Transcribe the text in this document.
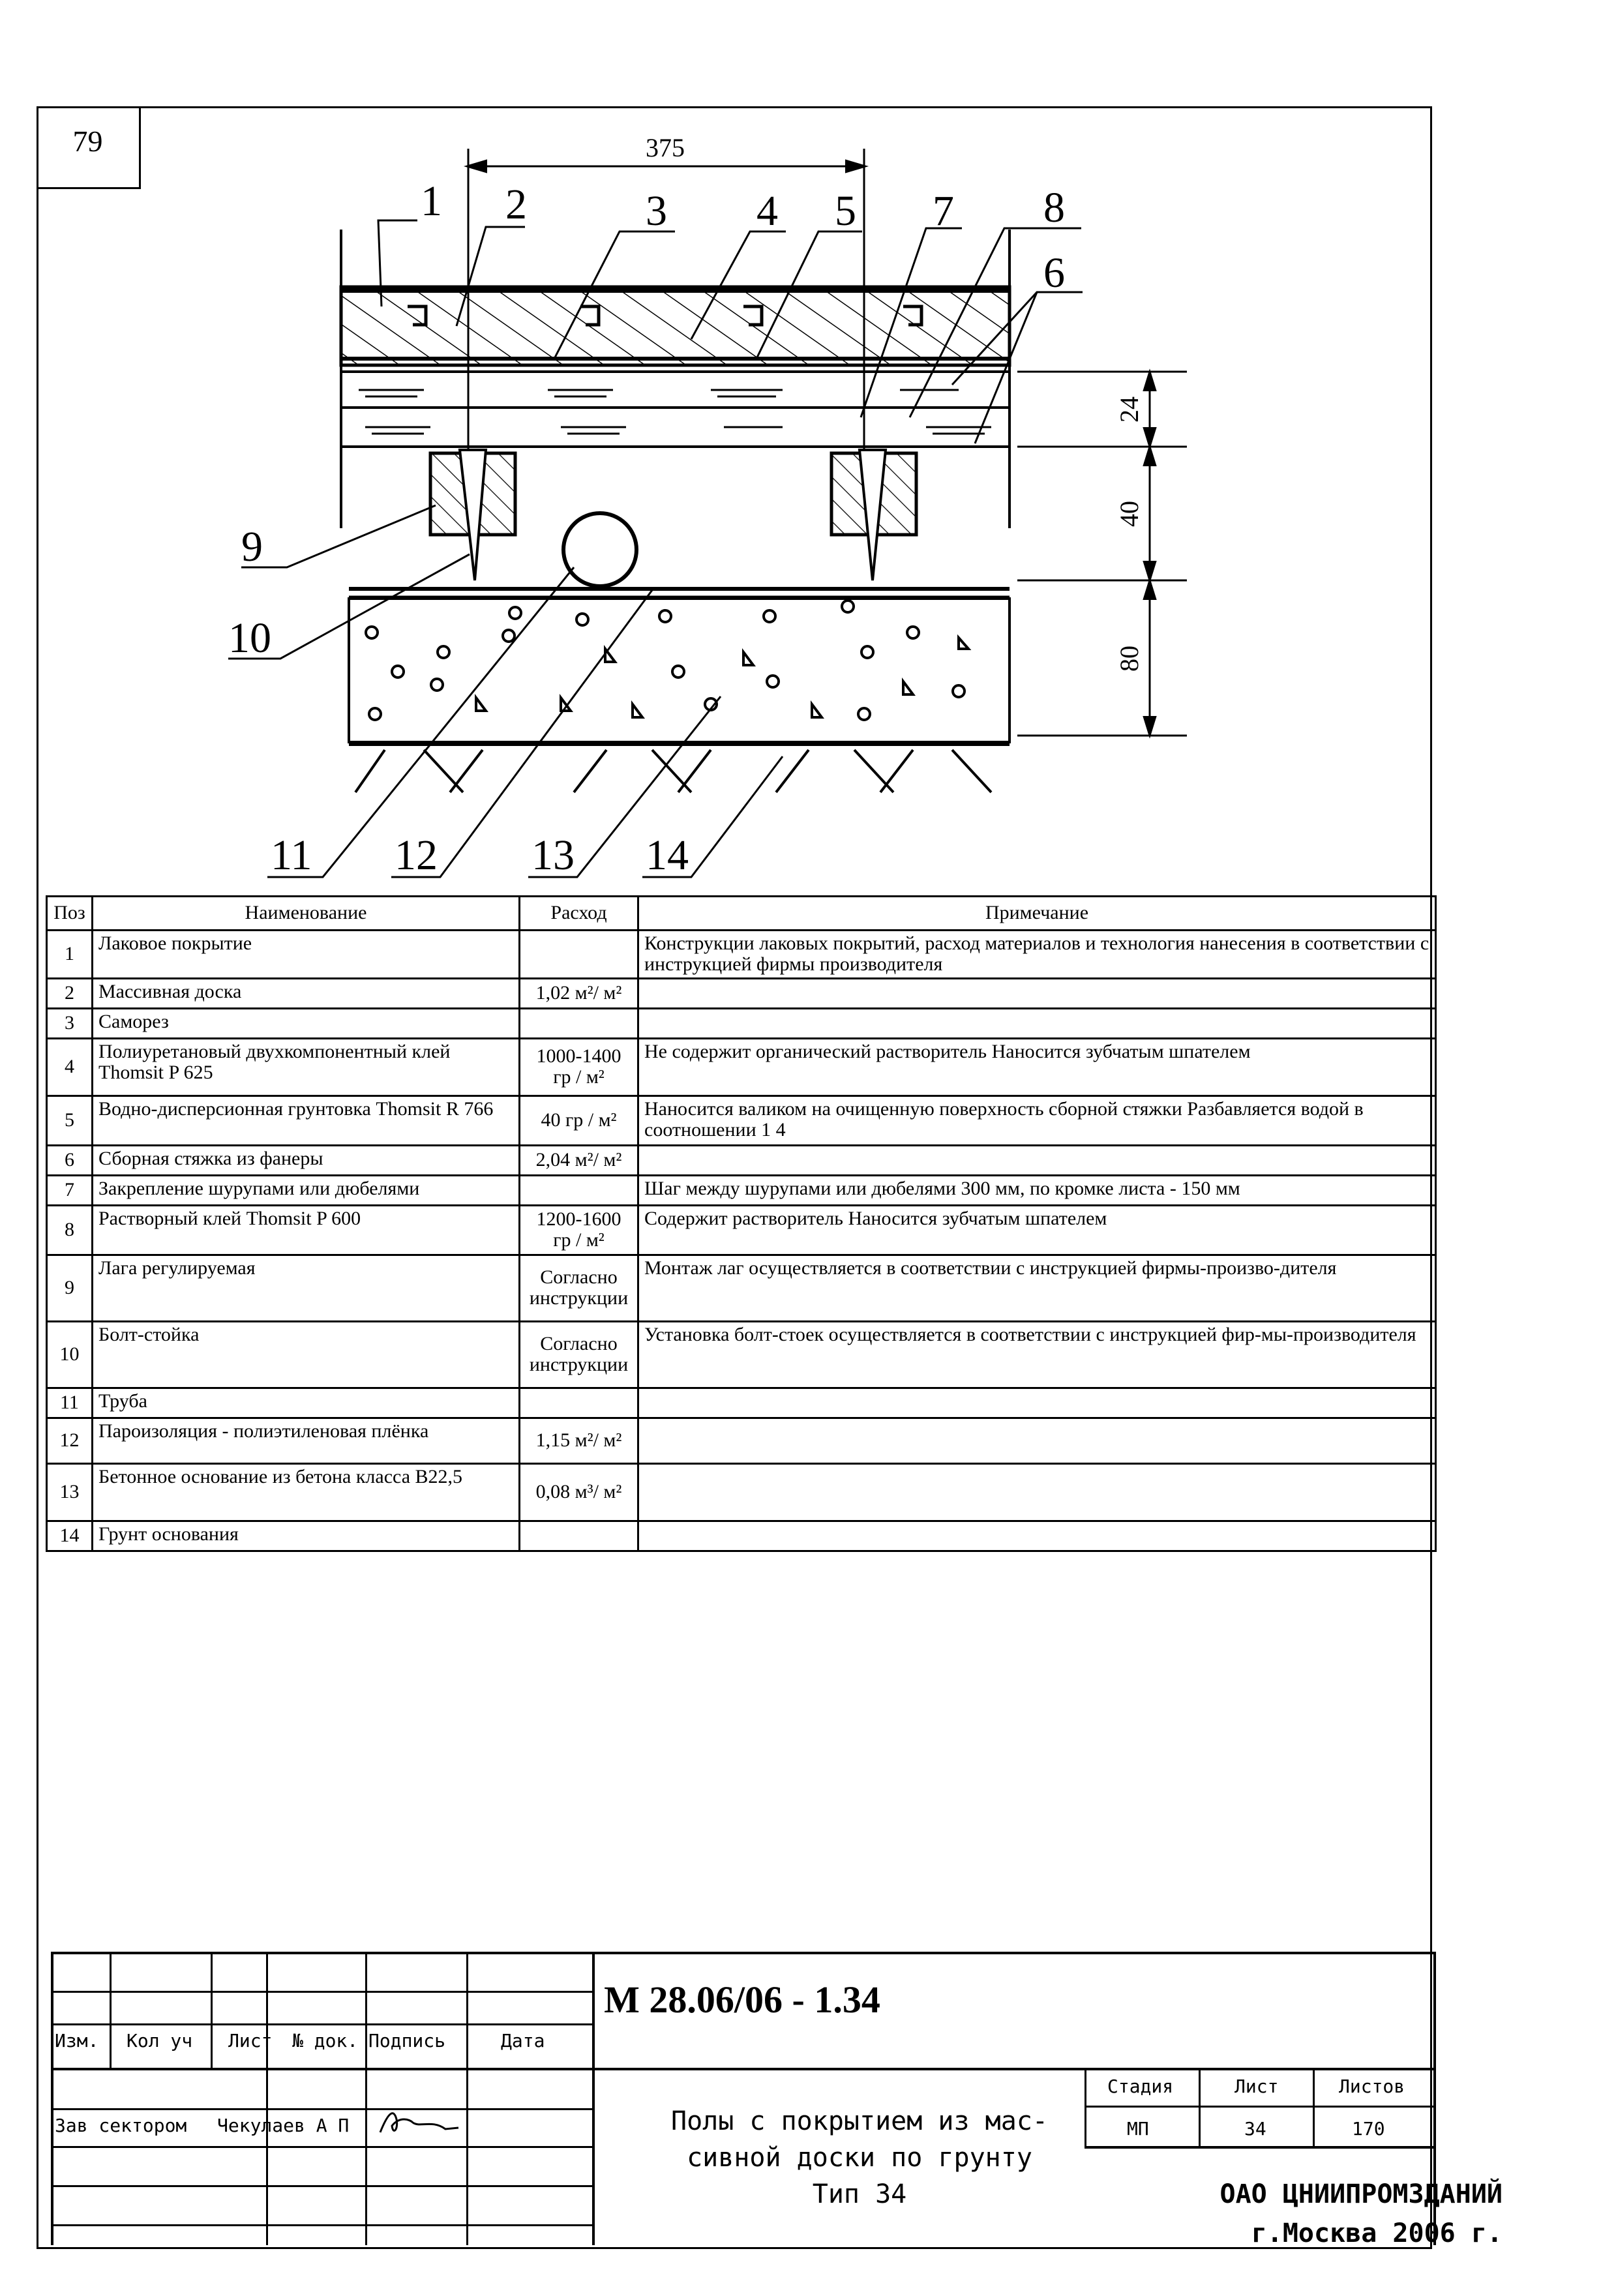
79	375
24
40
80
1 2	3 4 5
6
7 8
9
10
11 12 13 14
Поз	Наименование	Расход	Примечание
1	Лаковое покрытие		Конструкции лаковых покрытий, расход материалов и технология нанесения в соответствии с инструкцией фирмы производителя
2	Массивная доска	1,02 м²/ м²	
3	Саморез		
4	Полиуретановый двухкомпонентный клей Thomsit P 625	1000-1400 гр / м²	Не содержит органический растворитель Наносится зубчатым шпателем
5	Водно-дисперсионная грунтовка Thomsit R 766	40 гр / м²	Наносится валиком на очищенную поверхность сборной стяжки Разбавляется водой в соотношении 1 4
6	Сборная стяжка из фанеры	2,04 м²/ м²	
7	Закрепление шурупами или дюбелями		Шаг между шурупами или дюбелями 300 мм, по кромке листа - 150 мм
8	Растворный клей Thomsit P 600	1200-1600 гр / м²	Содержит растворитель Наносится зубчатым шпателем
9	Лага регулируемая	Согласно инструкции	Монтаж лаг осуществляется в соответствии с инструкцией фирмы-произво-дителя
10	Болт-стойка	Согласно инструкции	Установка болт-стоек осуществляется в соответствии с инструкцией фир-мы-производителя
11	Труба		
12	Пароизоляция - полиэтиленовая плёнка	1,15 м²/ м²	
13	Бетонное основание из бетона класса В22,5	0,08 м³/ м²	
14	Грунт основания		
М 28.06/06 - 1.34
Изм. Кол уч Лист № док. Подпись	Дата
Зав сектором Чекулаев А П	Полы с покрытием из мас-
сивной доски по грунту
Тип 34
Стадия	Лист	Листов
МП	34	170
ОАО ЦНИИПРОМЗДАНИЙ
г.Москва 2006 г.
